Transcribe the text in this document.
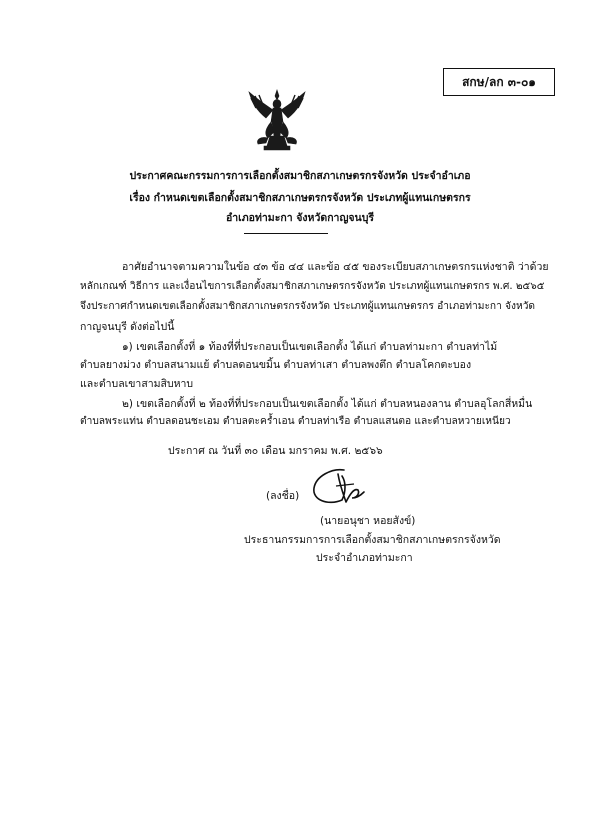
สกษ/ลก ๓-๐๑
ประกาศคณะกรรมการการเลือกตั้งสมาชิกสภาเกษตรกรจังหวัด ประจำอำเภอ
เรื่อง กำหนดเขตเลือกตั้งสมาชิกสภาเกษตรกรจังหวัด ประเภทผู้แทนเกษตรกร
อำเภอท่ามะกา จังหวัดกาญจนบุรี
อาศัยอำนาจตามความในข้อ ๔๓ ข้อ ๔๔ และข้อ ๔๕ ของระเบียบสภาเกษตรกรแห่งชาติ ว่าด้วย
หลักเกณฑ์ วิธีการ และเงื่อนไขการเลือกตั้งสมาชิกสภาเกษตรกรจังหวัด ประเภทผู้แทนเกษตรกร พ.ศ. ๒๕๖๕
จึงประกาศกำหนดเขตเลือกตั้งสมาชิกสภาเกษตรกรจังหวัด ประเภทผู้แทนเกษตรกร อำเภอท่ามะกา จังหวัด
กาญจนบุรี ดังต่อไปนี้
๑) เขตเลือกตั้งที่ ๑ ท้องที่ที่ประกอบเป็นเขตเลือกตั้ง ได้แก่ ตำบลท่ามะกา ตำบลท่าไม้
ตำบลยางม่วง ตำบลสนามแย้ ตำบลดอนขมิ้น ตำบลท่าเสา ตำบลพงตึก ตำบลโคกตะบอง
และตำบลเขาสามสิบหาบ
๒) เขตเลือกตั้งที่ ๒ ท้องที่ที่ประกอบเป็นเขตเลือกตั้ง ได้แก่ ตำบลหนองลาน ตำบลอุโลกสี่หมื่น
ตำบลพระแท่น ตำบลดอนชะเอม ตำบลตะคร้ำเอน ตำบลท่าเรือ ตำบลแสนตอ และตำบลหวายเหนียว
ประกาศ ณ วันที่ ๓๐ เดือน มกราคม พ.ศ. ๒๕๖๖
(ลงชื่อ)
(นายอนุชา หอยสังข์)
ประธานกรรมการการเลือกตั้งสมาชิกสภาเกษตรกรจังหวัด
ประจำอำเภอท่ามะกา
